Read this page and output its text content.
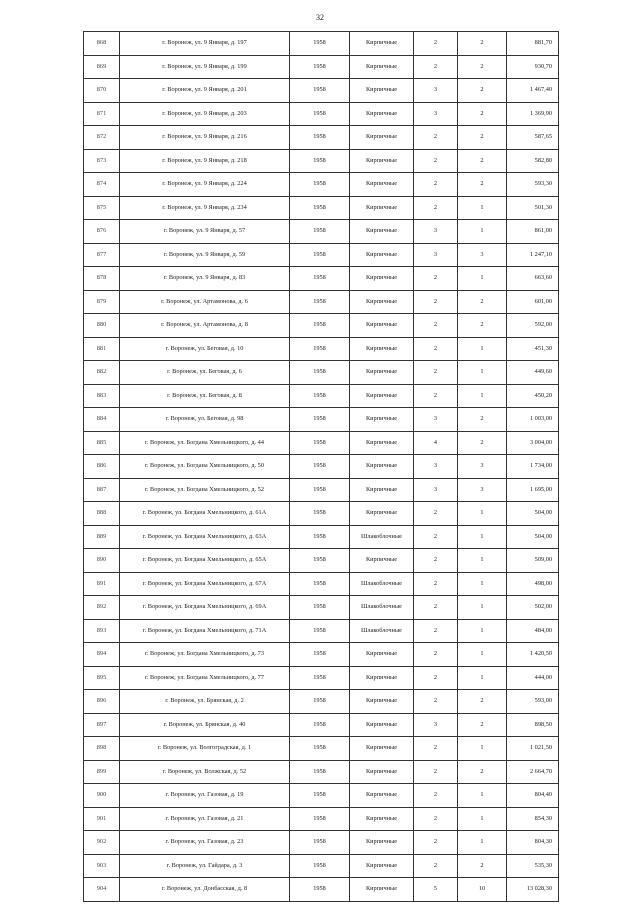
32
868	г. Воронеж, ул. 9 Января, д. 197	1958	Кирпичные	2	2	881,70
869	г. Воронеж, ул. 9 Января, д. 199	1958	Кирпичные	2	2	930,70
870	г. Воронеж, ул. 9 Января, д. 201	1958	Кирпичные	3	2	1 467,40
871	г. Воронеж, ул. 9 Января, д. 203	1958	Кирпичные	3	2	1 369,90
872	г. Воронеж, ул. 9 Января, д. 216	1958	Кирпичные	2	2	587,65
873	г. Воронеж, ул. 9 Января, д. 218	1958	Кирпичные	2	2	582,80
874	г. Воронеж, ул. 9 Января, д. 224	1958	Кирпичные	2	2	593,30
875	г. Воронеж, ул. 9 Января, д. 234	1958	Кирпичные	2	1	501,30
876	г. Воронеж, ул. 9 Января, д. 57	1958	Кирпичные	3	1	861,00
877	г. Воронеж, ул. 9 Января, д. 59	1958	Кирпичные	3	3	1 247,10
878	г. Воронеж, ул. 9 Января, д. 83	1958	Кирпичные	2	1	663,60
879	г. Воронеж, ул. Артамонова, д. 6	1958	Кирпичные	2	2	601,00
880	г. Воронеж, ул. Артамонова, д. 8	1958	Кирпичные	2	2	592,00
881	г. Воронеж, ул. Беговая, д. 10	1958	Кирпичные	2	1	451,30
882	г. Воронеж, ул. Беговая, д. 6	1958	Кирпичные	2	1	449,60
883	г. Воронеж, ул. Беговая, д. 8	1958	Кирпичные	2	1	450,20
884	г. Воронеж, ул. Беговая, д. 98	1958	Кирпичные	3	2	1 003,00
885	г. Воронеж, ул. Богдана Хмельницкого, д. 44	1958	Кирпичные	4	2	3 004,00
886	г. Воронеж, ул. Богдана Хмельницкого, д. 50	1958	Кирпичные	3	3	1 734,00
887	г. Воронеж, ул. Богдана Хмельницкого, д. 52	1958	Кирпичные	3	3	1 695,00
888	г. Воронеж, ул. Богдана Хмельницкого, д. 61А	1958	Кирпичные	2	1	504,00
889	г. Воронеж, ул. Богдана Хмельницкого, д. 63А	1958	Шлакоблочные	2	1	504,00
890	г. Воронеж, ул. Богдана Хмельницкого, д. 65А	1958	Кирпичные	2	1	509,00
891	г. Воронеж, ул. Богдана Хмельницкого, д. 67А	1958	Шлакоблочные	2	1	498,00
892	г. Воронеж, ул. Богдана Хмельницкого, д. 69А	1958	Шлакоблочные	2	1	502,00
893	г. Воронеж, ул. Богдана Хмельницкого, д. 71А	1958	Шлакоблочные	2	1	484,00
894	г. Воронеж, ул. Богдана Хмельницкого, д. 73	1958	Кирпичные	2	1	1 420,50
895	г. Воронеж, ул. Богдана Хмельницкого, д. 77	1958	Кирпичные	2	1	444,00
896	г. Воронеж, ул. Брянская, д. 2	1958	Кирпичные	2	2	593,00
897	г. Воронеж, ул. Брянская, д. 40	1958	Кирпичные	3	2	898,50
898	г. Воронеж, ул. Волгоградская, д. 1	1958	Кирпичные	2	1	1 021,50
899	г. Воронеж, ул. Волжская, д. 52	1958	Кирпичные	2	2	2 664,70
900	г. Воронеж, ул. Газовая, д. 19	1958	Кирпичные	2	1	804,40
901	г. Воронеж, ул. Газовая, д. 21	1958	Кирпичные	2	1	854,30
902	г. Воронеж, ул. Газовая, д. 23	1958	Кирпичные	2	1	804,30
903	г. Воронеж, ул. Гайдара, д. 3	1958	Кирпичные	2	2	535,30
904	г. Воронеж, ул. Донбасская, д. 8	1958	Кирпичные	5	10	13 028,30
